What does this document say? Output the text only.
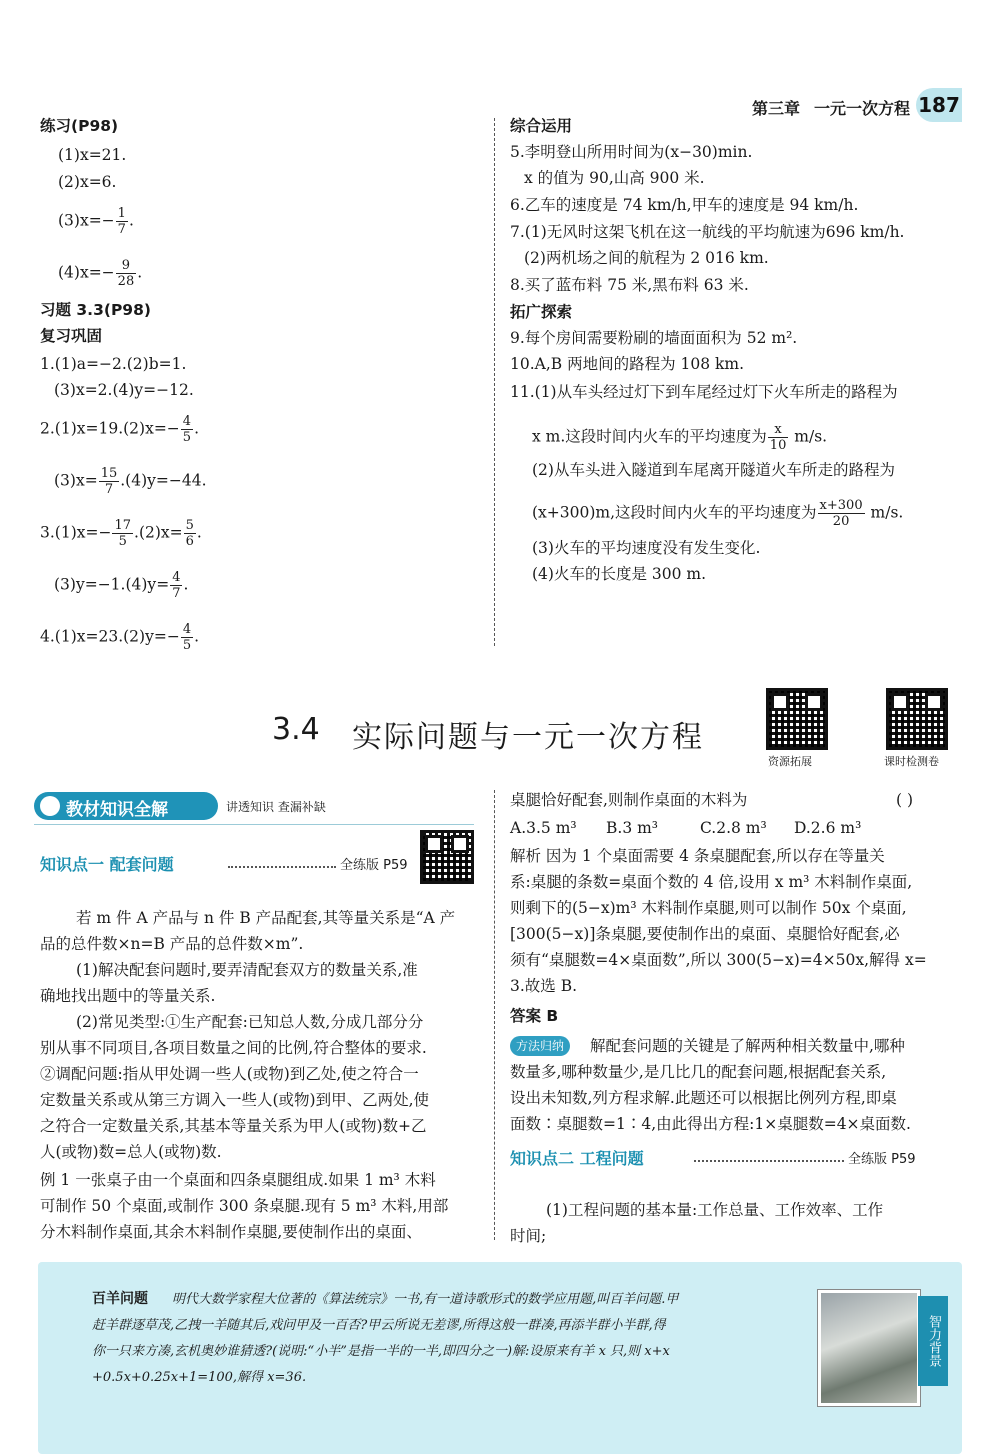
第三章 一元一次方程 187
练习(P98)
(1)x=21.
(2)x=6.
$(3)x=- \frac{1}{7}$ .
$(4)x=- \frac{9}{28}$ .
习题 3.3(P98)
复习巩固
1.(1)a=−2.(2)b=1.
(3)x=2.(4)y=−12.
$2.(1)x=19.(2)x=- \frac{4}{5}$ .
$(3)x= \frac{15}{7} .(4)y=-44$.
$3.(1)x=- \frac{17}{5} .(2)x= \frac{5}{6}$ .
$(3)y=-1.(4)y= \frac{4}{7}$ .
$4.(1)x=23.(2)y=- \frac{4}{5}$ .
综合运用
5.李明登山所用时间为(x−30)min.
x 的值为 90,山高 900 米.
6.乙车的速度是 74 km/h,甲车的速度是 94 km/h.
7.(1)无风时这架飞机在这一航线的平均航速为696 km/h.
(2)两机场之间的航程为 2 016 km.
8.买了蓝布料 75 米,黑布料 63 米.
拓广探索
9.每个房间需要粉刷的墙面面积为 52 m².
10.A,B 两地间的路程为 108 km.
11.(1)从车头经过灯下到车尾经过灯下火车所走的路程为
x m.这段时间内火车的平均速度为 $\frac{x}{10} m/s$.
(2)从车头进入隧道到车尾离开隧道火车所走的路程为
(x+300)m,这段时间内火车的平均速度为 $\frac{x+300}{20} m/s$.
(3)火车的平均速度没有发生变化.
(4)火车的长度是 300 m.
3.4 实际问题与一元一次方程
资源拓展	课时检测卷
教材知识全解	讲透知识 查漏补缺
知识点一 配套问题	全练版 P59
若 m 件 A 产品与 n 件 B 产品配套,其等量关系是“A 产
品的总件数×n=B 产品的总件数×m”.
(1)解决配套问题时,要弄清配套双方的数量关系,准
确地找出题中的等量关系.
(2)常见类型:①生产配套:已知总人数,分成几部分分
别从事不同项目,各项目数量之间的比例,符合整体的要求.
②调配问题:指从甲处调一些人(或物)到乙处,使之符合一
定数量关系或从第三方调入一些人(或物)到甲、乙两处,使
之符合一定数量关系,其基本等量关系为甲人(或物)数+乙
人(或物)数=总人(或物)数.
例 1 一张桌子由一个桌面和四条桌腿组成.如果 1 m³ 木料
可制作 50 个桌面,或制作 300 条桌腿.现有 5 m³ 木料,用部
分木料制作桌面,其余木料制作桌腿,要使制作出的桌面、
桌腿恰好配套,则制作桌面的木料为	( )
A.3.5 m³ B.3 m³	C.2.8 m³ D.2.6 m³
解析 因为 1 个桌面需要 4 条桌腿配套,所以存在等量关
系:桌腿的条数=桌面个数的 4 倍,设用 x m³ 木料制作桌面,
则剩下的(5−x)m³ 木料制作桌腿,则可以制作 50x 个桌面,
[300(5−x)]条桌腿,要使制作出的桌面、桌腿恰好配套,必
须有“桌腿数=4×桌面数”,所以 300(5−x)=4×50x,解得 x=
3.故选 B.
答案 B
方法归纳	解配套问题的关键是了解两种相关数量中,哪种
数量多,哪种数量少,是几比几的配套问题,根据配套关系,
设出未知数,列方程求解.此题还可以根据比例列方程,即桌
面数∶桌腿数=1∶4,由此得出方程:1×桌腿数=4×桌面数.
知识点二 工程问题	全练版 P59
(1)工程问题的基本量:工作总量、工作效率、工作
时间;
百羊问题 明代大数学家程大位著的《算法统宗》一书,有一道诗歌形式的数学应用题,叫百羊问题.甲
赶羊群逐草茂,乙拽一羊随其后,戏问甲及一百否?甲云所说无差谬,所得这般一群凑,再添半群小半群,得
你一只来方凑,玄机奥妙谁猜透?(说明:“小半”是指一半的一半,即四分之一)解:设原来有羊 x 只,则 x+x
+0.5x+0.25x+1=100,解得 x=36.
智力背景
